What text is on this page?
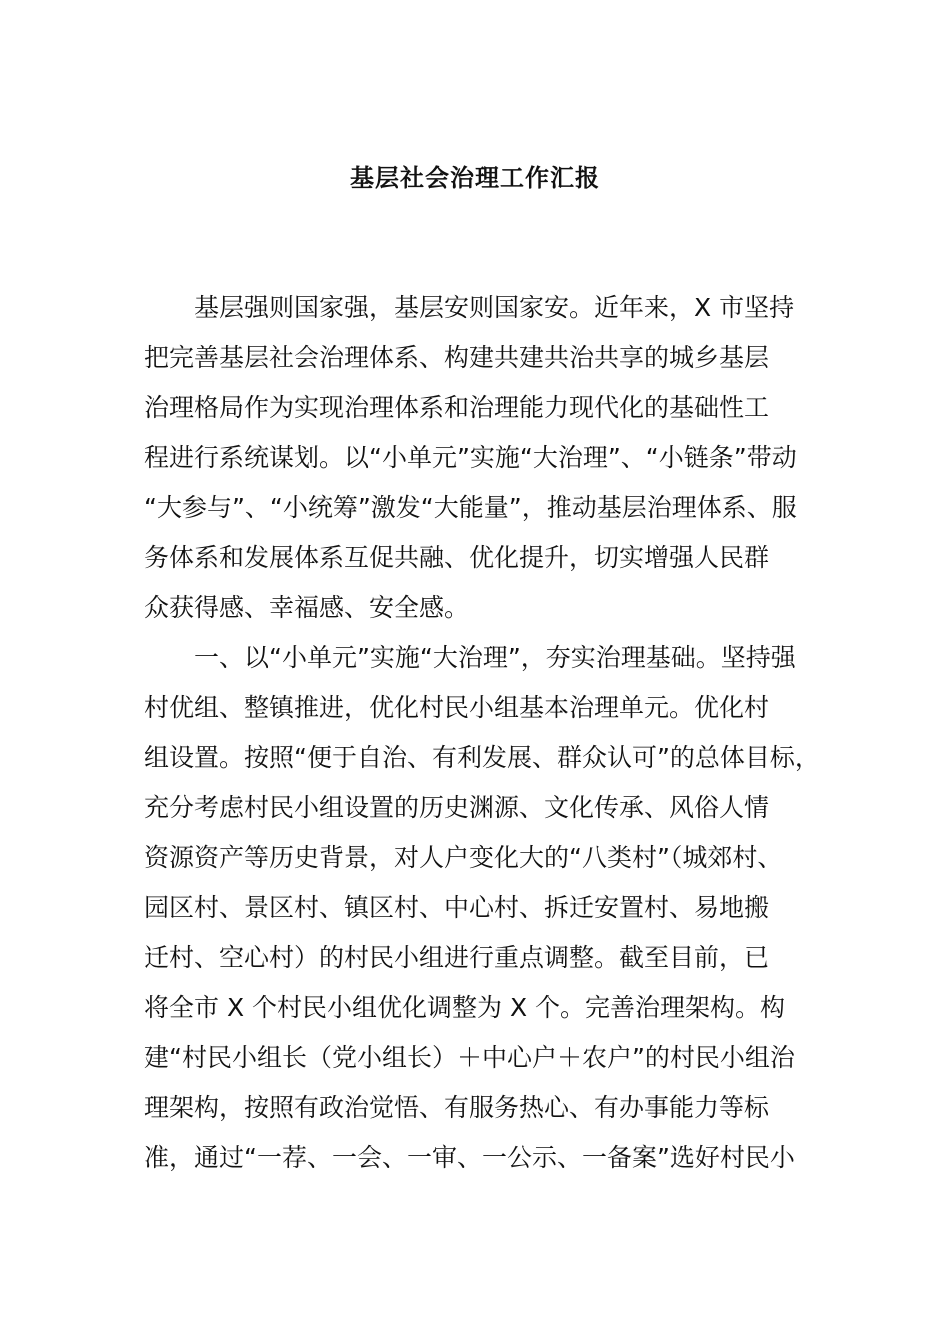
基层社会治理工作汇报
基层强则国家强，基层安则国家安。近年来，X 市坚持
把完善基层社会治理体系、构建共建共治共享的城乡基层
治理格局作为实现治理体系和治理能力现代化的基础性工
程进行系统谋划。以“小单元”实施“大治理”、“小链条”带动
“大参与”、“小统筹”激发“大能量”，推动基层治理体系、服
务体系和发展体系互促共融、优化提升，切实增强人民群
众获得感、幸福感、安全感。
一、以“小单元”实施“大治理”，夯实治理基础。坚持强
村优组、整镇推进，优化村民小组基本治理单元。优化村
组设置。按照“便于自治、有利发展、群众认可”的总体目标，
充分考虑村民小组设置的历史渊源、文化传承、风俗人情
资源资产等历史背景，对人户变化大的“八类村”（城郊村、
园区村、景区村、镇区村、中心村、拆迁安置村、易地搬
迁村、空心村）的村民小组进行重点调整。截至目前，已
将全市 X 个村民小组优化调整为 X 个。完善治理架构。构
建“村民小组长（党小组长）＋中心户＋农户”的村民小组治
理架构，按照有政治觉悟、有服务热心、有办事能力等标
准，通过“一荐、一会、一审、一公示、一备案”选好村民小
